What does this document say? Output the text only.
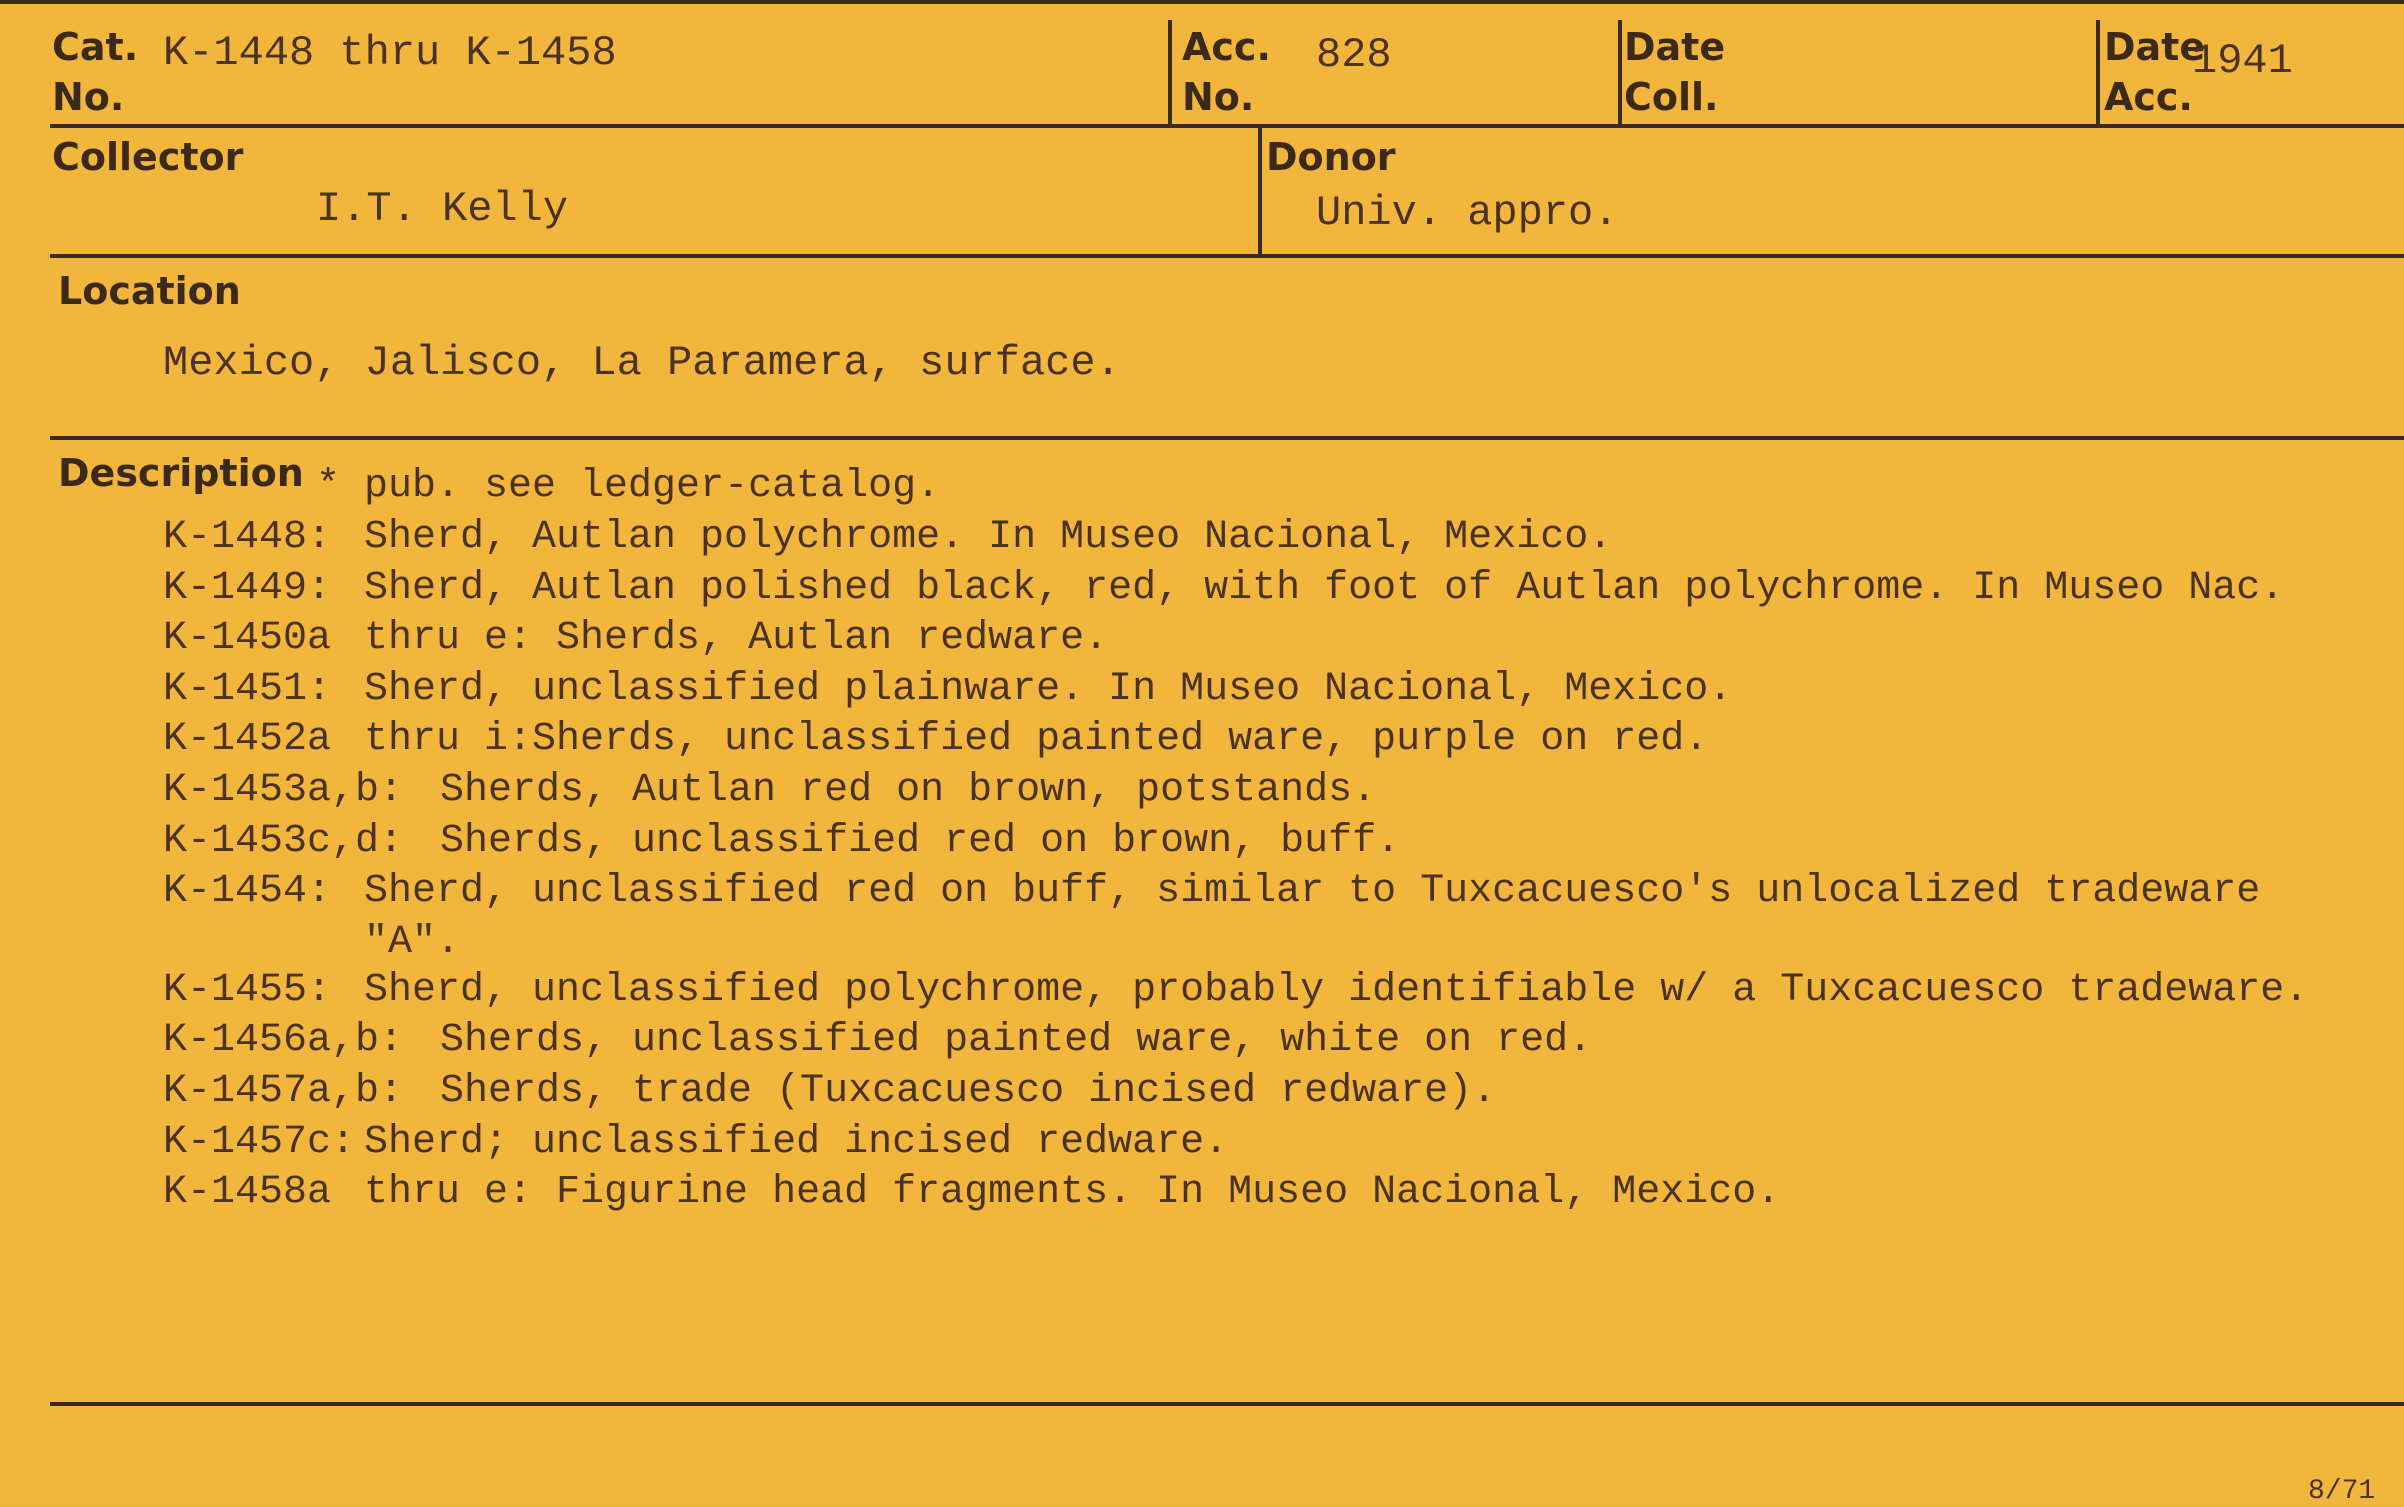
Cat.
No.
K-1448 thru K-1458	Acc.
No.
828	Date
Coll.
Date
Acc.
1941
Collector
I.T. Kelly
Donor
Univ. appro.
Location
Mexico, Jalisco, La Paramera, surface.
Description * pub. see ledger-catalog.
K-1448: Sherd, Autlan polychrome. In Museo Nacional, Mexico.
K-1449: Sherd, Autlan polished black, red, with foot of Autlan polychrome. In Museo Nac.
K-1450a thru e: Sherds, Autlan redware.
K-1451: Sherd, unclassified plainware. In Museo Nacional, Mexico.
K-1452a thru i:Sherds, unclassified painted ware, purple on red.
K-1453a,b: Sherds, Autlan red on brown, potstands.
K-1453c,d: Sherds, unclassified red on brown, buff.
K-1454: Sherd, unclassified red on buff, similar to Tuxcacuesco's unlocalized tradeware
"A".
K-1455: Sherd, unclassified polychrome, probably identifiable w/ a Tuxcacuesco tradeware.
K-1456a,b: Sherds, unclassified painted ware, white on red.
K-1457a,b: Sherds, trade (Tuxcacuesco incised redware).
K-1457c: Sherd; unclassified incised redware.
K-1458a thru e: Figurine head fragments. In Museo Nacional, Mexico.
8/71
